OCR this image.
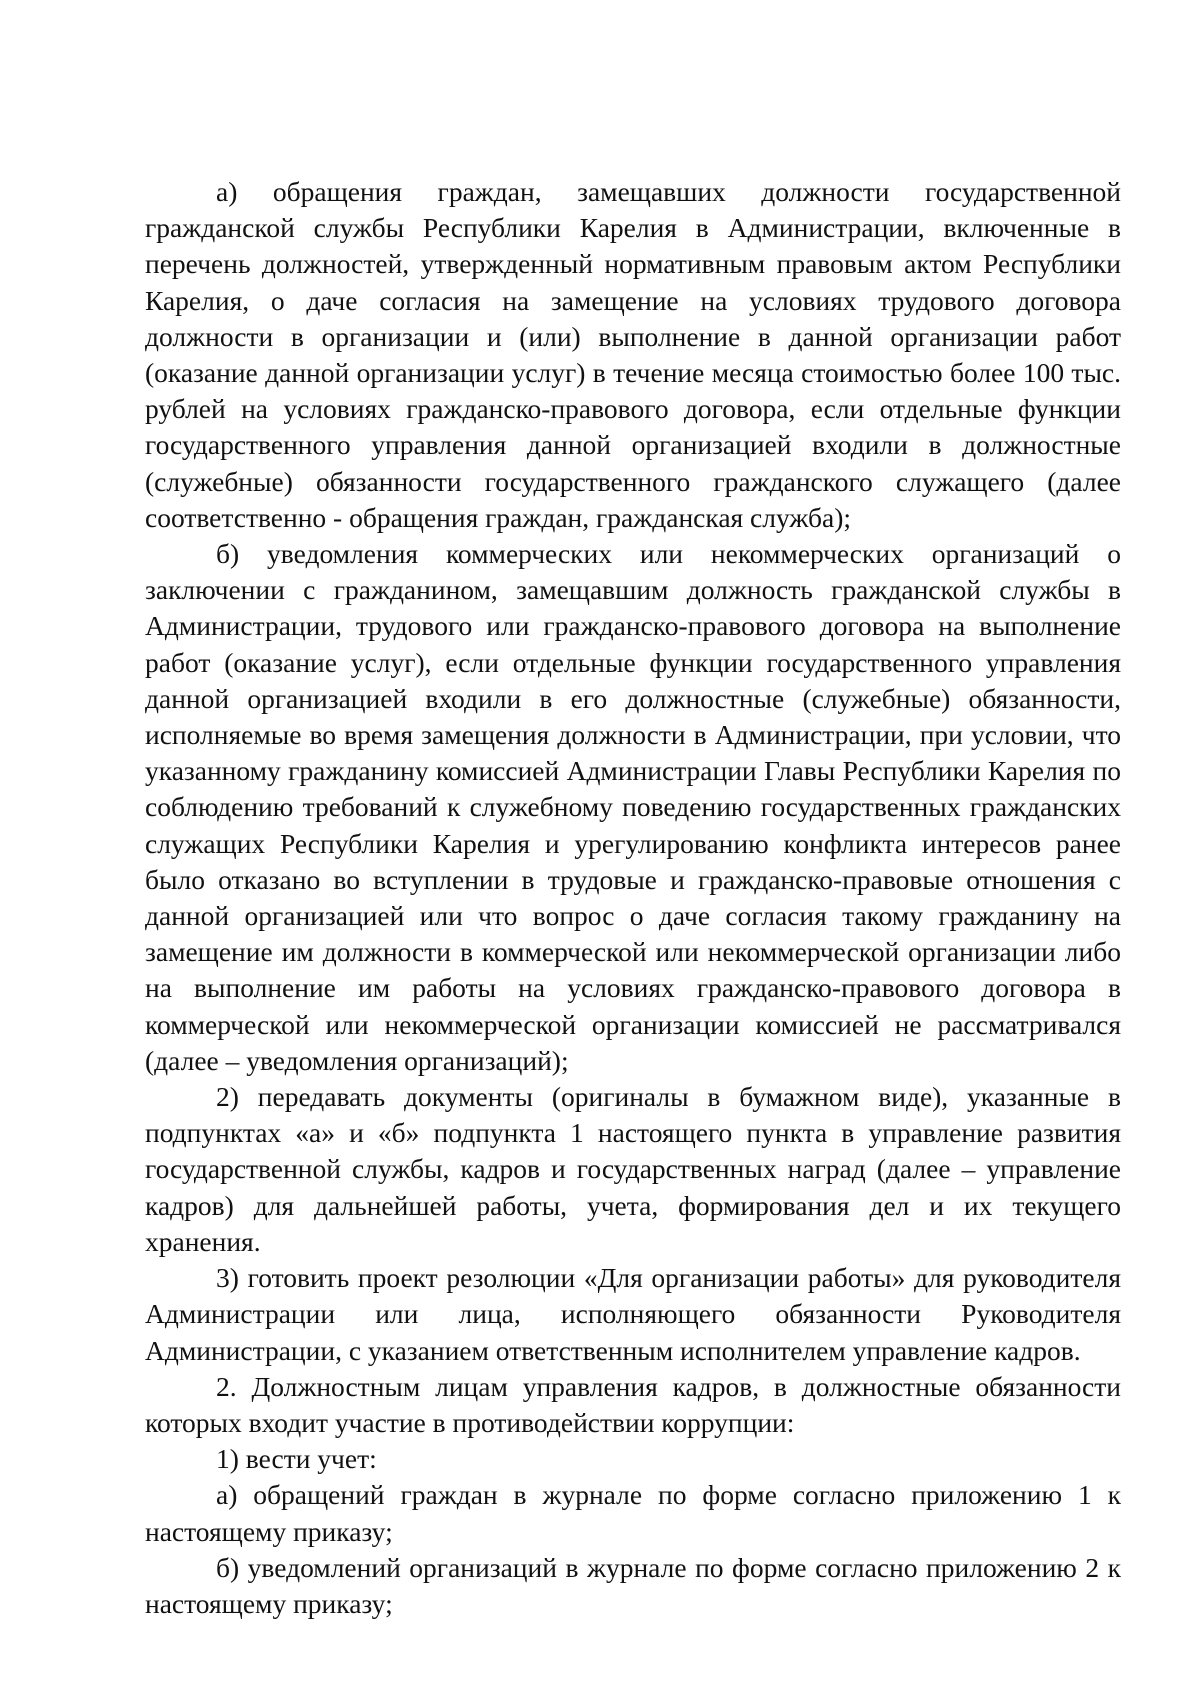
а) обращения граждан, замещавших должности государственной гражданской службы Республики Карелия в Администрации, включенные в перечень должностей, утвержденный нормативным правовым актом Республики Карелия, о даче согласия на замещение на условиях трудового договора должности в организации и (или) выполнение в данной организации работ (оказание данной организации услуг) в течение месяца стоимостью более 100 тыс. рублей на условиях гражданско-правового договора, если отдельные функции государственного управления данной организацией входили в должностные (служебные) обязанности государственного гражданского служащего (далее соответственно - обращения граждан, гражданская служба);

б) уведомления коммерческих или некоммерческих организаций о заключении с гражданином, замещавшим должность гражданской службы в Администрации, трудового или гражданско-правового договора на выполнение работ (оказание услуг), если отдельные функции государственного управления данной организацией входили в его должностные (служебные) обязанности, исполняемые во время замещения должности в Администрации, при условии, что указанному гражданину комиссией Администрации Главы Республики Карелия по соблюдению требований к служебному поведению государственных гражданских служащих Республики Карелия и урегулированию конфликта интересов ранее было отказано во вступлении в трудовые и гражданско-правовые отношения с данной организацией или что вопрос о даче согласия такому гражданину на замещение им должности в коммерческой или некоммерческой организации либо на выполнение им работы на условиях гражданско-правового договора в коммерческой или некоммерческой организации комиссией не рассматривался (далее – уведомления организаций);

2) передавать документы (оригиналы в бумажном виде), указанные в подпунктах «а» и «б» подпункта 1 настоящего пункта в управление развития государственной службы, кадров и государственных наград (далее – управление кадров) для дальнейшей работы, учета, формирования дел и их текущего хранения.

3) готовить проект резолюции «Для организации работы» для руководителя Администрации или лица, исполняющего обязанности Руководителя Администрации, с указанием ответственным исполнителем управление кадров.

2. Должностным лицам управления кадров, в должностные обязанности которых входит участие в противодействии коррупции:

1) вести учет:

а) обращений граждан в журнале по форме согласно приложению 1 к настоящему приказу;

б) уведомлений организаций в журнале по форме согласно приложению 2 к настоящему приказу;
